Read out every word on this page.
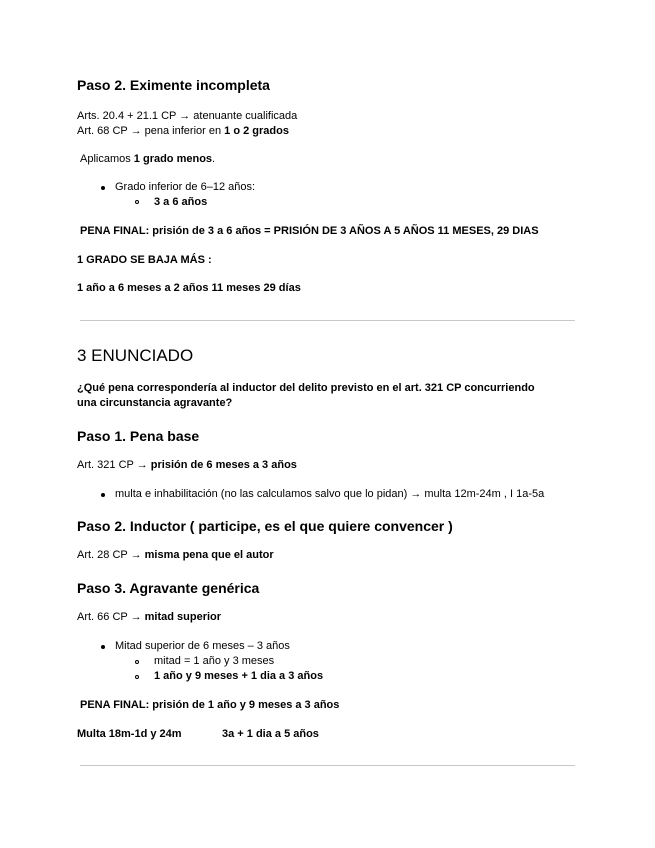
Paso 2. Eximente incompleta
Arts. 20.4 + 21.1 CP → atenuante cualificada
Art. 68 CP → pena inferior en 1 o 2 grados
Aplicamos 1 grado menos.
Grado inferior de 6–12 años:
3 a 6 años
PENA FINAL: prisión de 3 a 6 años = PRISIÓN DE 3 AÑOS A 5 AÑOS 11 MESES, 29 DIAS
1 GRADO SE BAJA MÁS :
1 año a 6 meses a 2 años 11 meses 29 días
3 ENUNCIADO
¿Qué pena correspondería al inductor del delito previsto en el art. 321 CP concurriendo
una circunstancia agravante?
Paso 1. Pena base
Art. 321 CP → prisión de 6 meses a 3 años
multa e inhabilitación (no las calculamos salvo que lo pidan) → multa 12m-24m , I 1a-5a
Paso 2. Inductor ( participe, es el que quiere convencer )
Art. 28 CP → misma pena que el autor
Paso 3. Agravante genérica
Art. 66 CP → mitad superior
Mitad superior de 6 meses – 3 años
mitad = 1 año y 3 meses
1 año y 9 meses + 1 dia a 3 años
PENA FINAL: prisión de 1 año y 9 meses a 3 años
Multa 18m-1d y 24m	3a + 1 dia a 5 años
